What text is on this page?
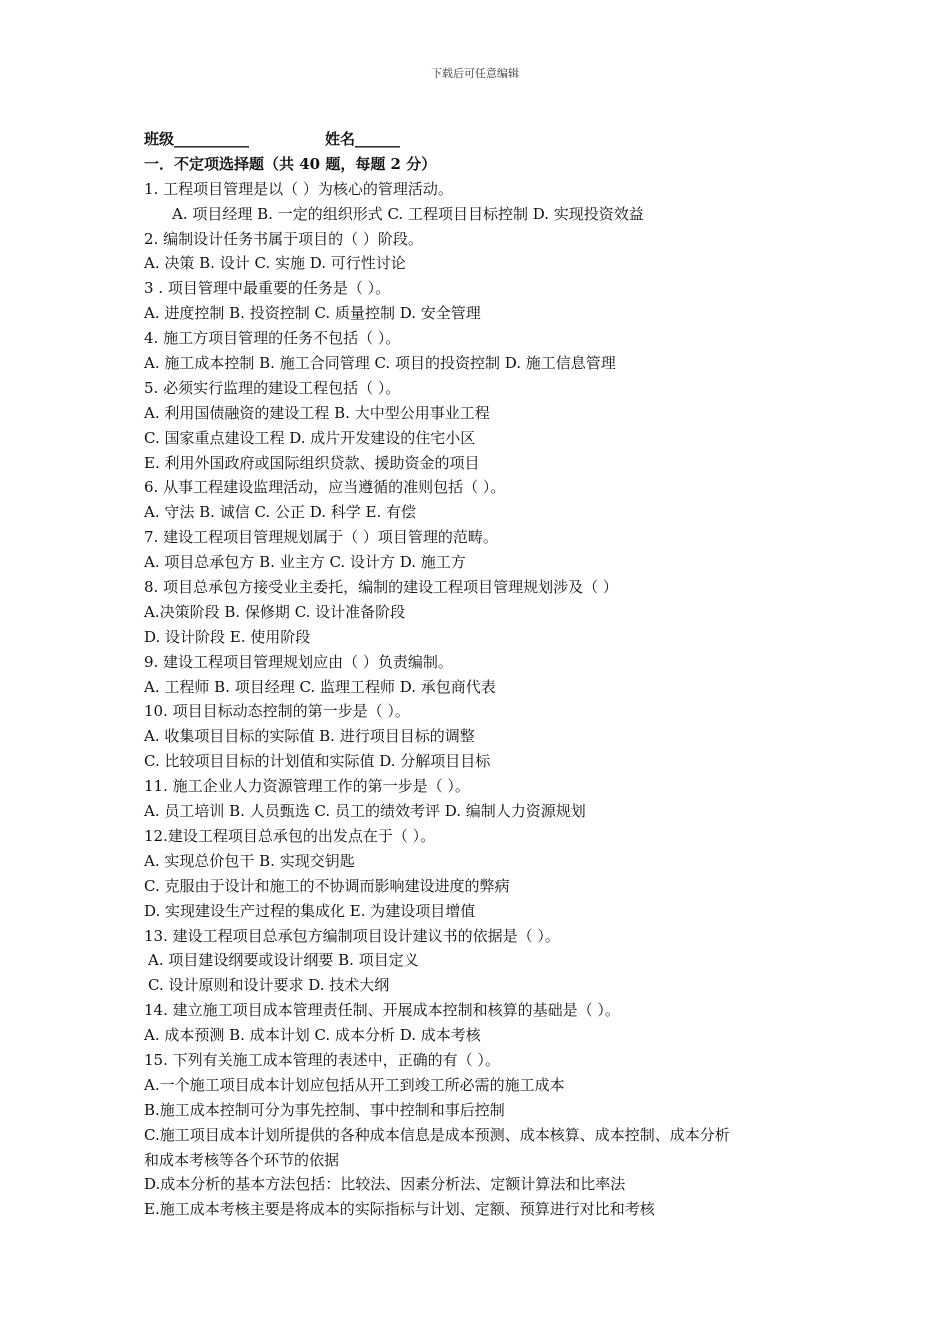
下载后可任意编辑
班级__________	姓名______
一．不定项选择题（共 40 题，每题 2 分）
1. 工程项目管理是以（ ）为核心的管理活动。
A. 项目经理 B. 一定的组织形式 C. 工程项目目标控制 D. 实现投资效益
2. 编制设计任务书属于项目的（ ）阶段。
A. 决策 B. 设计 C. 实施 D. 可行性讨论
3 . 项目管理中最重要的任务是（ ）。
A. 进度控制 B. 投资控制 C. 质量控制 D. 安全管理
4. 施工方项目管理的任务不包括（ ）。
A. 施工成本控制 B. 施工合同管理 C. 项目的投资控制 D. 施工信息管理
5. 必须实行监理的建设工程包括（ ）。
A. 利用国债融资的建设工程 B. 大中型公用事业工程
C. 国家重点建设工程 D. 成片开发建设的住宅小区
E. 利用外国政府或国际组织贷款、援助资金的项目
6. 从事工程建设监理活动，应当遵循的准则包括（ ）。
A. 守法 B. 诚信 C. 公正 D. 科学 E. 有偿
7. 建设工程项目管理规划属于（ ）项目管理的范畴。
A. 项目总承包方 B. 业主方 C. 设计方 D. 施工方
8. 项目总承包方接受业主委托，编制的建设工程项目管理规划涉及（ ）
A.决策阶段 B. 保修期 C. 设计准备阶段
D. 设计阶段 E. 使用阶段
9. 建设工程项目管理规划应由（ ）负责编制。
A. 工程师 B. 项目经理 C. 监理工程师 D. 承包商代表
10. 项目目标动态控制的第一步是（ ）。
A. 收集项目目标的实际值 B. 进行项目目标的调整
C. 比较项目目标的计划值和实际值 D. 分解项目目标
11. 施工企业人力资源管理工作的第一步是（ ）。
A. 员工培训 B. 人员甄选 C. 员工的绩效考评 D. 编制人力资源规划
12.建设工程项目总承包的出发点在于（ ）。
A. 实现总价包干 B. 实现交钥匙
C. 克服由于设计和施工的不协调而影响建设进度的弊病
D. 实现建设生产过程的集成化 E. 为建设项目增值
13. 建设工程项目总承包方编制项目设计建议书的依据是（ ）。
A. 项目建设纲要或设计纲要 B. 项目定义
C. 设计原则和设计要求 D. 技术大纲
14. 建立施工项目成本管理责任制、开展成本控制和核算的基础是（ ）。
A. 成本预测 B. 成本计划 C. 成本分析 D. 成本考核
15. 下列有关施工成本管理的表述中，正确的有（ ）。
A.一个施工项目成本计划应包括从开工到竣工所必需的施工成本
B.施工成本控制可分为事先控制、事中控制和事后控制
C.施工项目成本计划所提供的各种成本信息是成本预测、成本核算、成本控制、成本分析
和成本考核等各个环节的依据
D.成本分析的基本方法包括：比较法、因素分析法、定额计算法和比率法
E.施工成本考核主要是将成本的实际指标与计划、定额、预算进行对比和考核
